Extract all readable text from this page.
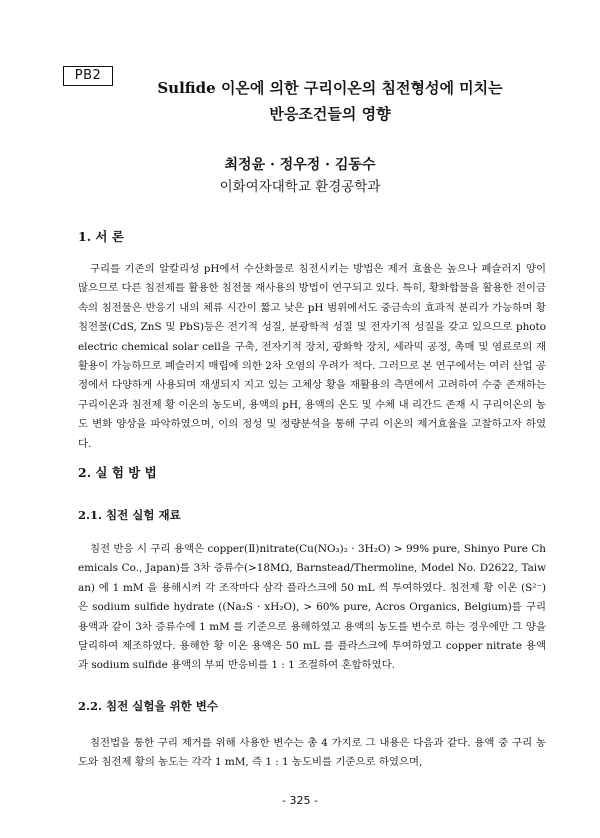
PB2
Sulfide 이온에 의한 구리이온의 침전형성에 미치는
반응조건들의 영향
최정윤 · 정우정 · 김동수
이화여자대학교 환경공학과
1. 서 론

구리를 기존의 알칼리성 pH에서 수산화물로 침전시키는 방법은 제거 효율은 높으나 폐슬러지 양이 많으므로 다른 침전제를 활용한 침전물 재사용의 방법이 연구되고 있다. 특히, 황화합물을 활용한 전이금속의 침전물은 반응기 내의 체류 시간이 짧고 낮은 pH 범위에서도 중금속의 효과적 분리가 가능하며 황침전물(CdS, ZnS 및 PbS)등은 전기적 성질, 분광학적 성질 및 전자기적 성질을 갖고 있으므로 photoelectric chemical solar cell을 구축, 전자기적 장치, 광화학 장치, 세라믹 공정, 촉매 및 염료로의 재활용이 가능하므로 폐슬러지 매립에 의한 2차 오염의 우려가 적다. 그러므로 본 연구에서는 여러 산업 공정에서 다양하게 사용되며 재생되지 지고 있는 고체상 황을 재활용의 측면에서 고려하여 수중 존재하는 구리이온과 침전제 황 이온의 농도비, 용액의 pH, 용액의 온도 및 수체 내 리간드 존재 시 구리이온의 농도 변화 양상을 파악하였으며, 이의 정성 및 정량분석을 통해 구리 이온의 제거효율을 고찰하고자 하였다.

2. 실 험 방 법
2.1. 침전 실험 재료

침전 반응 시 구리 용액은 copper(Ⅱ)nitrate(Cu(NO₃)₂ · 3H₂O) > 99% pure, Shinyo Pure Chemicals Co., Japan)를 3차 증류수(>18MΩ, Barnstead/Thermoline, Model No. D2622, Taiwan) 에 1 mM 을 용해시켜 각 조작마다 삼각 플라스크에 50 mL 씩 투여하였다. 침전제 황 이온 (S²⁻)은 sodium sulfide hydrate ((Na₂S · xH₂O), > 60% pure, Acros Organics, Belgium)를 구리 용액과 같이 3차 증류수에 1 mM 를 기준으로 용해하였고 용액의 농도를 변수로 하는 경우에만 그 양을 달리하여 제조하였다. 용해한 황 이온 용액은 50 mL 를 플라스크에 투여하였고 copper nitrate 용액과 sodium sulfide 용액의 부피 반응비를 1 : 1 조절하여 혼합하였다.

2.2. 침전 실험을 위한 변수

침전법을 통한 구리 제거를 위해 사용한 변수는 총 4 가지로 그 내용은 다음과 같다. 용액 중 구리 농도와 침전제 황의 농도는 각각 1 mM, 즉 1 : 1 농도비를 기준으로 하였으며,

- 325 -
